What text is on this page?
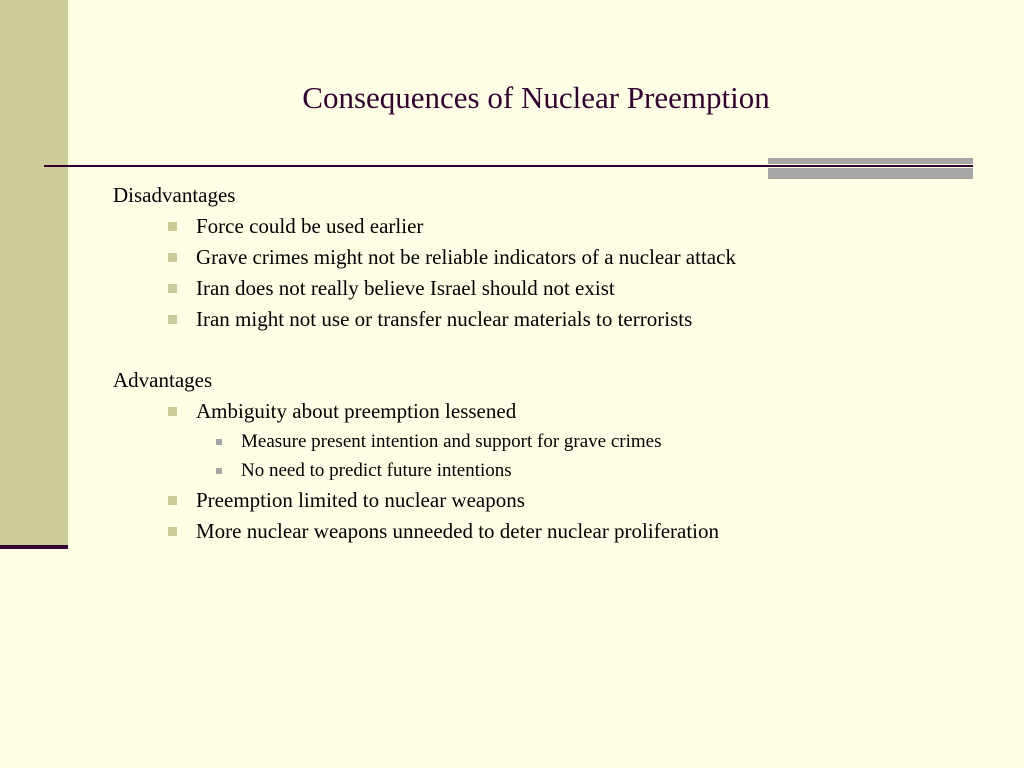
Consequences of Nuclear Preemption
Disadvantages
Force could be used earlier
Grave crimes might not be reliable indicators of a nuclear attack
Iran does not really believe Israel should not exist
Iran might not use or transfer nuclear materials to terrorists
Advantages
Ambiguity about preemption lessened
Measure present intention and support for grave crimes
No need to predict future intentions
Preemption limited to nuclear weapons
More nuclear weapons unneeded to deter nuclear proliferation
